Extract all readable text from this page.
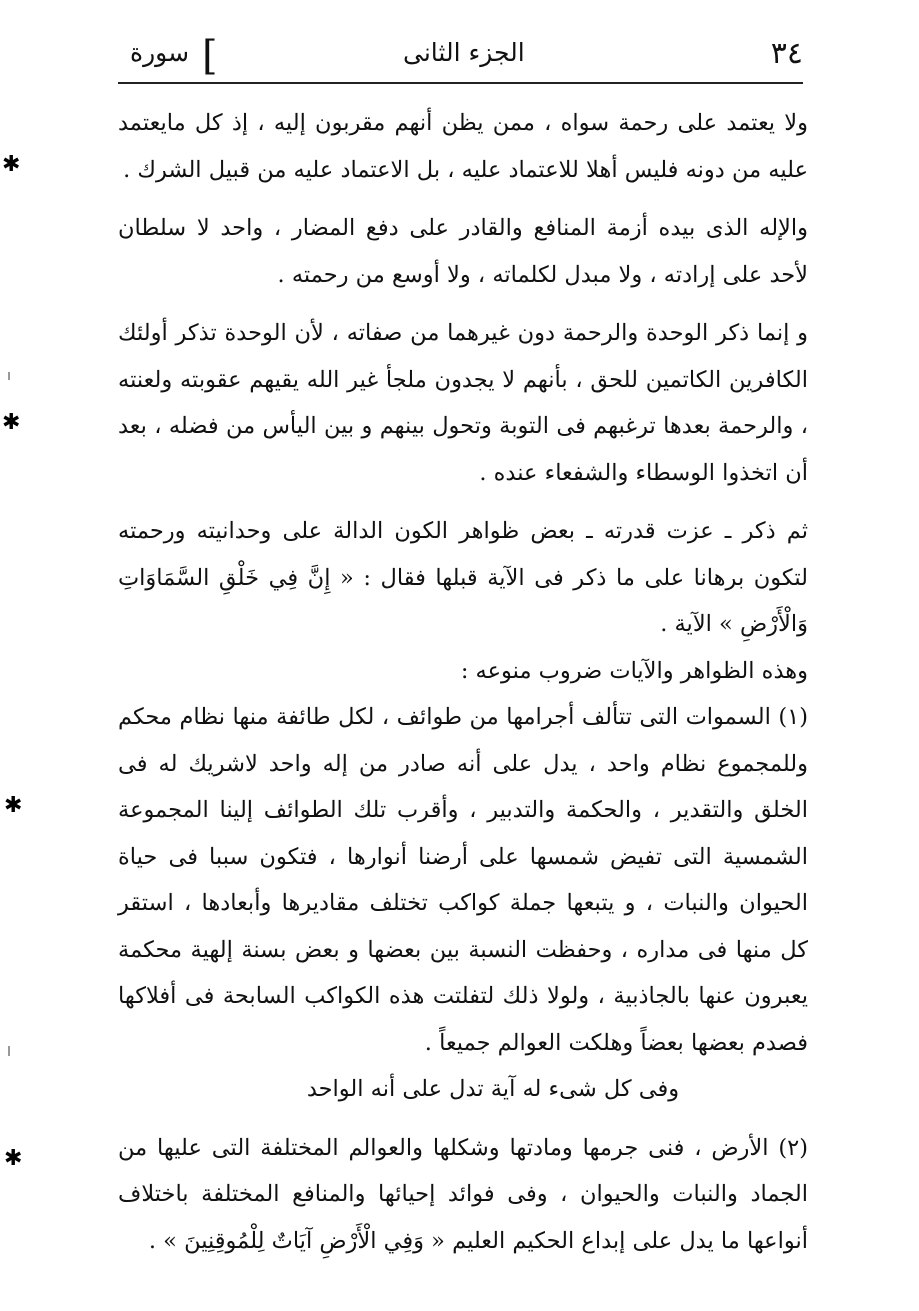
٣٤
الجزء الثانى
[
سورة

ولا يعتمد على رحمة سواه ، ممن يظن أنهم مقربون إليه ، إذ كل مايعتمد عليه من دونه فليس أهلا للاعتماد عليه ، بل الاعتماد عليه من قبيل الشرك .

والإله الذى بيده أزمة المنافع والقادر على دفع المضار ، واحد لا سلطان لأحد على إرادته ، ولا مبدل لكلماته ، ولا أوسع من رحمته .

و إنما ذكر الوحدة والرحمة دون غيرهما من صفاته ، لأن الوحدة تذكر أولئك الكافرين الكاتمين للحق ، بأنهم لا يجدون ملجأ غير الله يقيهم عقوبته ولعنته ، والرحمة بعدها ترغبهم فى التوبة وتحول بينهم و بين اليأس من فضله ، بعد أن اتخذوا الوسطاء والشفعاء عنده .

ثم ذكر ـ عزت قدرته ـ بعض ظواهر الكون الدالة على وحدانيته ورحمته لتكون برهانا على ما ذكر فى الآية قبلها فقال : « إِنَّ فِي خَلْقِ السَّمَاوَاتِ وَالْأَرْضِ » الآية .

وهذه الظواهر والآيات ضروب منوعه :

(١) السموات التى تتألف أجرامها من طوائف ، لكل طائفة منها نظام محكم وللمجموع نظام واحد ، يدل على أنه صادر من إله واحد لاشريك له فى الخلق والتقدير ، والحكمة والتدبير ، وأقرب تلك الطوائف إلينا المجموعة الشمسية التى تفيض شمسها على أرضنا أنوارها ، فتكون سببا فى حياة الحيوان والنبات ، و يتبعها جملة كواكب تختلف مقاديرها وأبعادها ، استقر كل منها فى مداره ، وحفظت النسبة بين بعضها و بعض بسنة إلهية محكمة يعبرون عنها بالجاذبية ، ولولا ذلك لتفلتت هذه الكواكب السابحة فى أفلاكها فصدم بعضها بعضاً وهلكت العوالم جميعاً .

وفى كل شىء له آية تدل على أنه الواحد

(٢) الأرض ، فنى جرمها ومادتها وشكلها والعوالم المختلفة التى عليها من الجماد والنبات والحيوان ، وفى فوائد إحيائها والمنافع المختلفة باختلاف أنواعها ما يدل على إبداع الحكيم العليم « وَفِي الْأَرْضِ آيَاتٌ لِلْمُوقِنِينَ » .

✱
✱
✱
✱
